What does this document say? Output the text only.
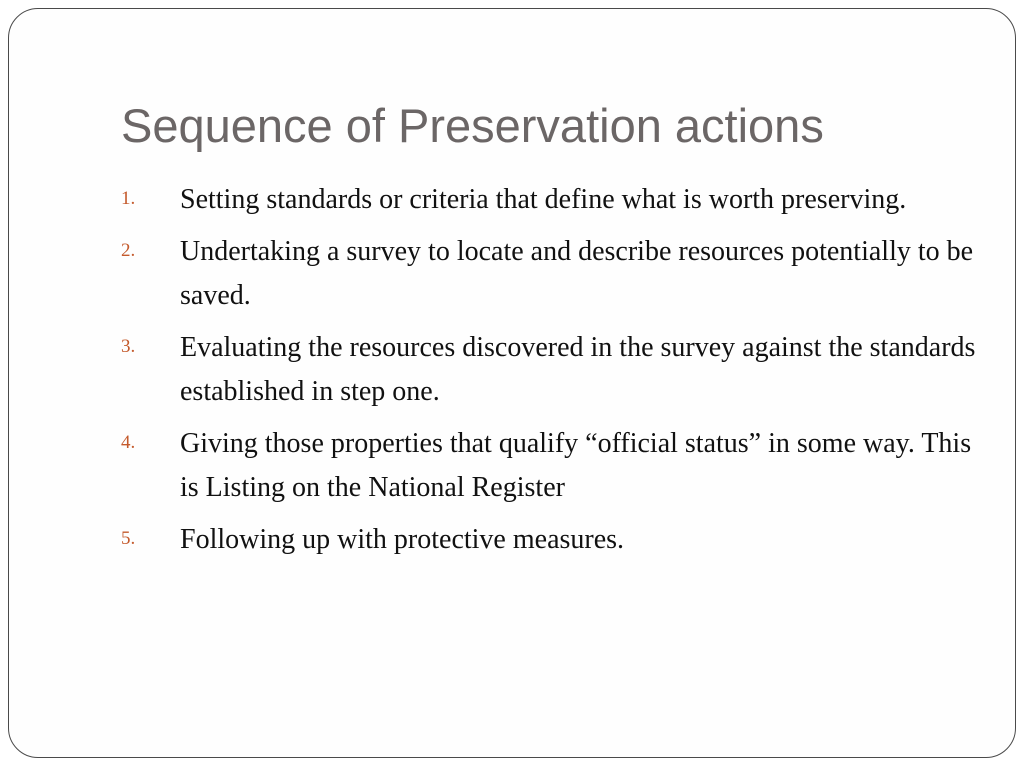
Sequence of Preservation actions
1. Setting standards or criteria that define what is worth preserving.
2. Undertaking a survey to locate and describe resources potentially to be saved.
3. Evaluating the resources discovered in the survey against the standards established in step one.
4. Giving those properties that qualify “official status” in some way. This is Listing on the National Register
5. Following up with protective measures.
